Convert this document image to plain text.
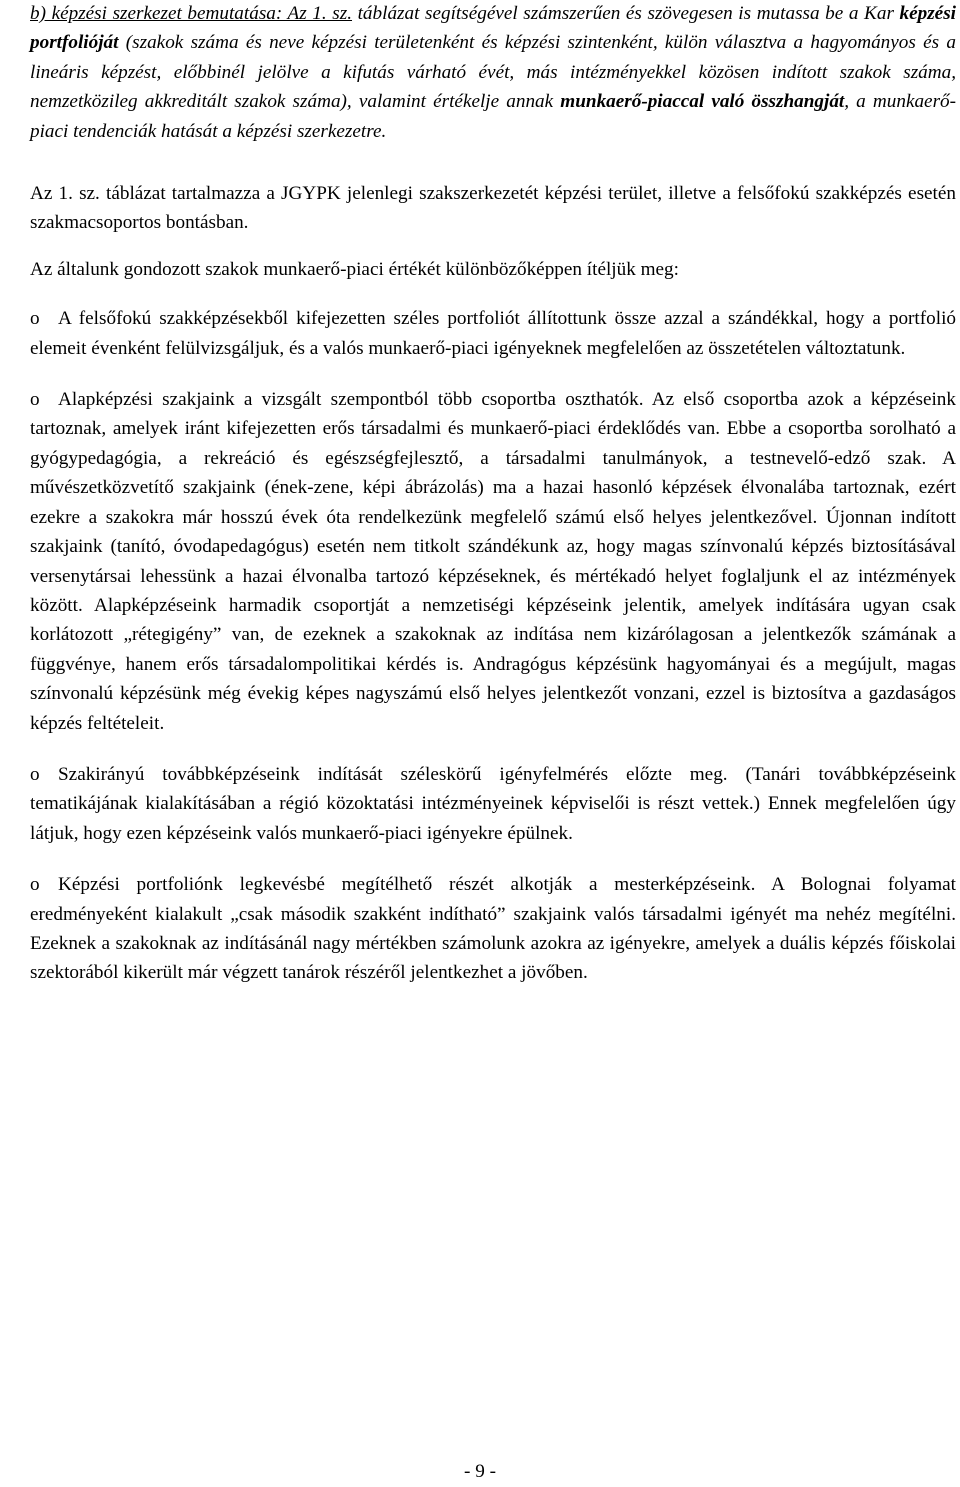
b) képzési szerkezet bemutatása: Az 1. sz. táblázat segítségével számszerűen és szövegesen is mutassa be a Kar képzési portfolióját (szakok száma és neve képzési területenként és képzési szintenként, külön választva a hagyományos és a lineáris képzést, előbbinél jelölve a kifutás várható évét, más intézményekkel közösen indított szakok száma, nemzetközileg akkreditált szakok száma), valamint értékelje annak munkaerő-piaccal való összhangját, a munkaerő-piaci tendenciák hatását a képzési szerkezetre.

Az 1. sz. táblázat tartalmazza a JGYPK jelenlegi szakszerkezetét képzési terület, illetve a felsőfokú szakképzés esetén szakmacsoportos bontásban.

Az általunk gondozott szakok munkaerő-piaci értékét különbözőképpen ítéljük meg:

o A felsőfokú szakképzésekből kifejezetten széles portfoliót állítottunk össze azzal a szándékkal, hogy a portfolió elemeit évenként felülvizsgáljuk, és a valós munkaerő-piaci igényeknek megfelelően az összetételen változtatunk.

o Alapképzési szakjaink a vizsgált szempontból több csoportba oszthatók. Az első csoportba azok a képzéseink tartoznak, amelyek iránt kifejezetten erős társadalmi és munkaerő-piaci érdeklődés van. Ebbe a csoportba sorolható a gyógypedagógia, a rekreáció és egészségfejlesztő, a társadalmi tanulmányok, a testnevelő-edző szak. A művészetközvetítő szakjaink (ének-zene, képi ábrázolás) ma a hazai hasonló képzések élvonalába tartoznak, ezért ezekre a szakokra már hosszú évek óta rendelkezünk megfelelő számú első helyes jelentkezővel. Újonnan indított szakjaink (tanító, óvodapedagógus) esetén nem titkolt szándékunk az, hogy magas színvonalú képzés biztosításával versenytársai lehessünk a hazai élvonalba tartozó képzéseknek, és mértékadó helyet foglaljunk el az intézmények között. Alapképzéseink harmadik csoportját a nemzetiségi képzéseink jelentik, amelyek indítására ugyan csak korlátozott „rétegigény” van, de ezeknek a szakoknak az indítása nem kizárólagosan a jelentkezők számának a függvénye, hanem erős társadalompolitikai kérdés is. Andragógus képzésünk hagyományai és a megújult, magas színvonalú képzésünk még évekig képes nagyszámú első helyes jelentkezőt vonzani, ezzel is biztosítva a gazdaságos képzés feltételeit.

o Szakirányú továbbképzéseink indítását széleskörű igényfelmérés előzte meg. (Tanári továbbképzéseink tematikájának kialakításában a régió közoktatási intézményeinek képviselői is részt vettek.) Ennek megfelelően úgy látjuk, hogy ezen képzéseink valós munkaerő-piaci igényekre épülnek.

o Képzési portfoliónk legkevésbé megítélhető részét alkotják a mesterképzéseink. A Bolognai folyamat eredményeként kialakult „csak második szakként indítható” szakjaink valós társadalmi igényét ma nehéz megítélni. Ezeknek a szakoknak az indításánál nagy mértékben számolunk azokra az igényekre, amelyek a duális képzés főiskolai szektorából kikerült már végzett tanárok részéről jelentkezhet a jövőben.

- 9 -
